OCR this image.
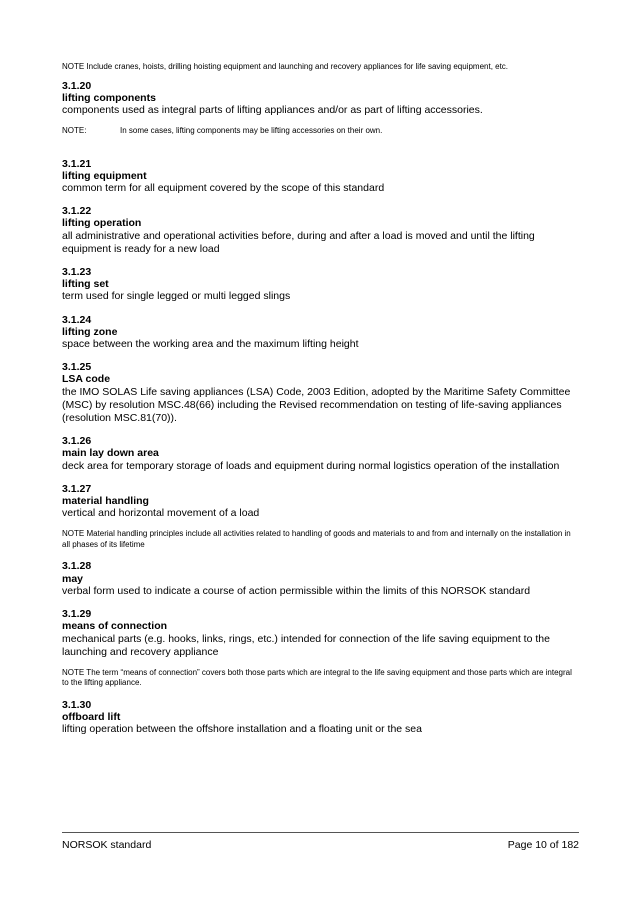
NOTE Include cranes, hoists, drilling hoisting equipment and launching and recovery appliances for life saving equipment, etc.
3.1.20
lifting components
components used as integral parts of lifting appliances and/or as part of lifting accessories.
NOTE:	In some cases, lifting components may be lifting accessories on their own.
3.1.21
lifting equipment
common term for all equipment covered by the scope of this standard
3.1.22
lifting operation
all administrative and operational activities before, during and after a load is moved and until the lifting equipment is ready for a new load
3.1.23
lifting set
term used for single legged or multi legged slings
3.1.24
lifting zone
space between the working area and the maximum lifting height
3.1.25
LSA code
the IMO SOLAS Life saving appliances (LSA) Code, 2003 Edition, adopted by the Maritime Safety Committee (MSC) by resolution MSC.48(66) including the Revised recommendation on testing of life-saving appliances (resolution MSC.81(70)).
3.1.26
main lay down area
deck area for temporary storage of loads and equipment during normal logistics operation of the installation
3.1.27
material handling
vertical and horizontal movement of a load
NOTE Material handling principles include all activities related to handling of goods and materials to and from and internally on the installation in all phases of its lifetime
3.1.28
may
verbal form used to indicate a course of action permissible within the limits of this NORSOK standard
3.1.29
means of connection
mechanical parts (e.g. hooks, links, rings, etc.) intended for connection of the life saving equipment to the launching and recovery appliance
NOTE The term “means of connection” covers both those parts which are integral to the life saving equipment and those parts which are integral to the lifting appliance.
3.1.30
offboard lift
lifting operation between the offshore installation and a floating unit or the sea
NORSOK standard	Page 10 of 182
